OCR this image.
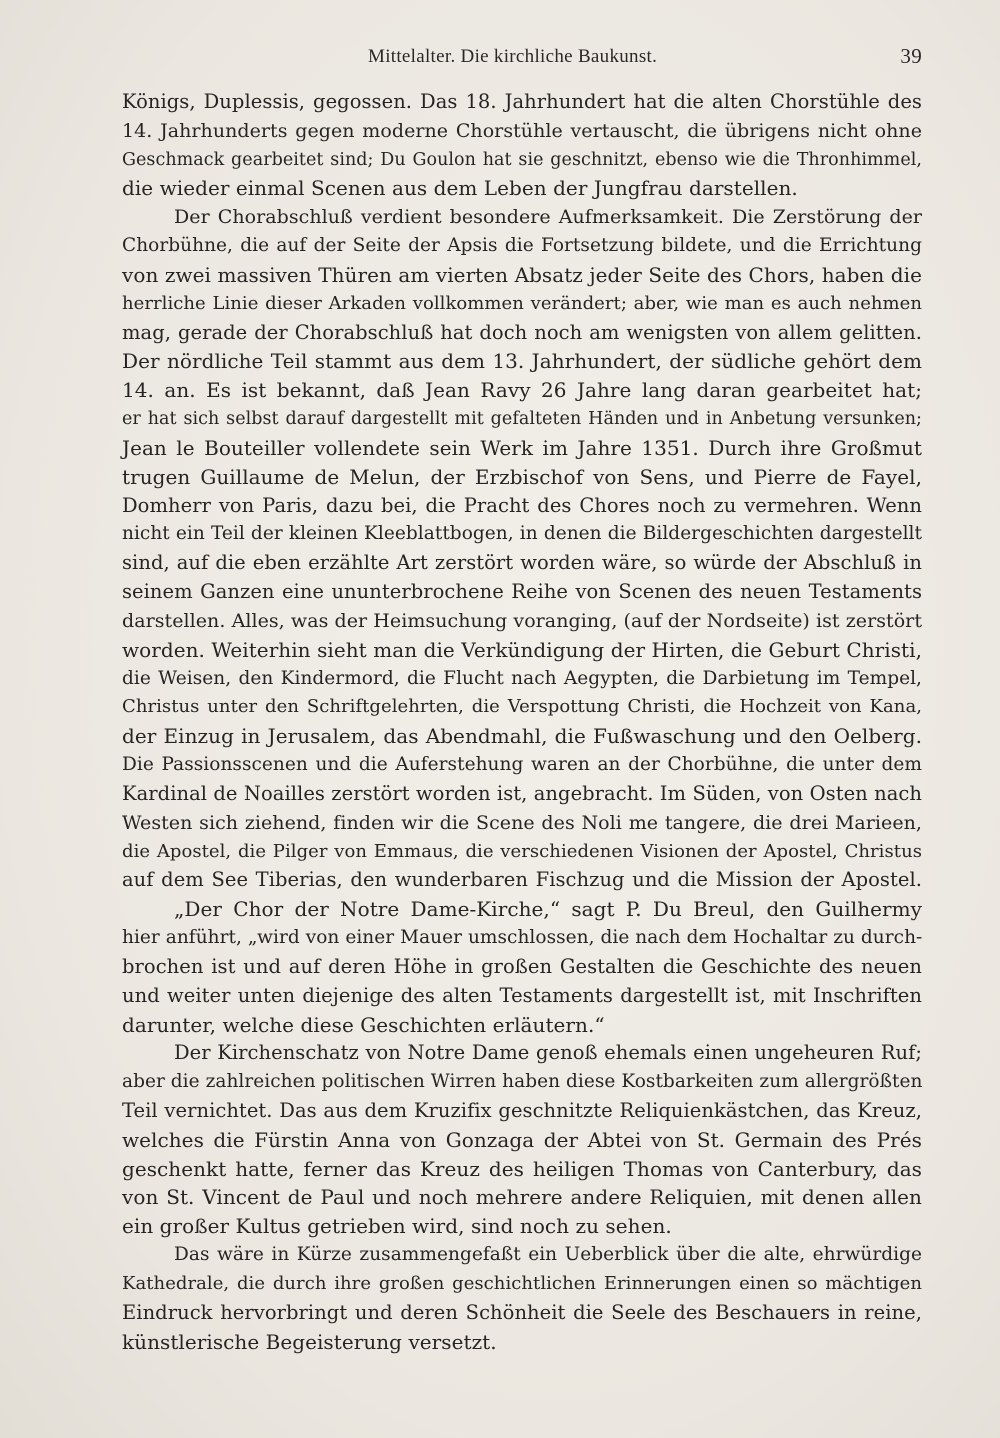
Mittelalter. Die kirchliche Baukunst.	39
Königs, Duplessis, gegossen. Das 18. Jahrhundert hat die alten Chorstühle des
14. Jahrhunderts gegen moderne Chorstühle vertauscht, die übrigens nicht ohne
Geschmack gearbeitet sind; Du Goulon hat sie geschnitzt, ebenso wie die Thronhimmel,
die wieder einmal Scenen aus dem Leben der Jungfrau darstellen.
Der Chorabschluß verdient besondere Aufmerksamkeit. Die Zerstörung der
Chorbühne, die auf der Seite der Apsis die Fortsetzung bildete, und die Errichtung
von zwei massiven Thüren am vierten Absatz jeder Seite des Chors, haben die
herrliche Linie dieser Arkaden vollkommen verändert; aber, wie man es auch nehmen
mag, gerade der Chorabschluß hat doch noch am wenigsten von allem gelitten.
Der nördliche Teil stammt aus dem 13. Jahrhundert, der südliche gehört dem
14. an. Es ist bekannt, daß Jean Ravy 26 Jahre lang daran gearbeitet hat;
er hat sich selbst darauf dargestellt mit gefalteten Händen und in Anbetung versunken;
Jean le Bouteiller vollendete sein Werk im Jahre 1351. Durch ihre Großmut
trugen Guillaume de Melun, der Erzbischof von Sens, und Pierre de Fayel,
Domherr von Paris, dazu bei, die Pracht des Chores noch zu vermehren. Wenn
nicht ein Teil der kleinen Kleeblattbogen, in denen die Bildergeschichten dargestellt
sind, auf die eben erzählte Art zerstört worden wäre, so würde der Abschluß in
seinem Ganzen eine ununterbrochene Reihe von Scenen des neuen Testaments
darstellen. Alles, was der Heimsuchung voranging, (auf der Nordseite) ist zerstört
worden. Weiterhin sieht man die Verkündigung der Hirten, die Geburt Christi,
die Weisen, den Kindermord, die Flucht nach Aegypten, die Darbietung im Tempel,
Christus unter den Schriftgelehrten, die Verspottung Christi, die Hochzeit von Kana,
der Einzug in Jerusalem, das Abendmahl, die Fußwaschung und den Oelberg.
Die Passionsscenen und die Auferstehung waren an der Chorbühne, die unter dem
Kardinal de Noailles zerstört worden ist, angebracht. Im Süden, von Osten nach
Westen sich ziehend, finden wir die Scene des Noli me tangere, die drei Marieen,
die Apostel, die Pilger von Emmaus, die verschiedenen Visionen der Apostel, Christus
auf dem See Tiberias, den wunderbaren Fischzug und die Mission der Apostel.
„Der Chor der Notre Dame-Kirche,“ sagt P. Du Breul, den Guilhermy
hier anführt, „wird von einer Mauer umschlossen, die nach dem Hochaltar zu durch-
brochen ist und auf deren Höhe in großen Gestalten die Geschichte des neuen
und weiter unten diejenige des alten Testaments dargestellt ist, mit Inschriften
darunter, welche diese Geschichten erläutern.“
Der Kirchenschatz von Notre Dame genoß ehemals einen ungeheuren Ruf;
aber die zahlreichen politischen Wirren haben diese Kostbarkeiten zum allergrößten
Teil vernichtet. Das aus dem Kruzifix geschnitzte Reliquienkästchen, das Kreuz,
welches die Fürstin Anna von Gonzaga der Abtei von St. Germain des Prés
geschenkt hatte, ferner das Kreuz des heiligen Thomas von Canterbury, das
von St. Vincent de Paul und noch mehrere andere Reliquien, mit denen allen
ein großer Kultus getrieben wird, sind noch zu sehen.
Das wäre in Kürze zusammengefaßt ein Ueberblick über die alte, ehrwürdige
Kathedrale, die durch ihre großen geschichtlichen Erinnerungen einen so mächtigen
Eindruck hervorbringt und deren Schönheit die Seele des Beschauers in reine,
künstlerische Begeisterung versetzt.
